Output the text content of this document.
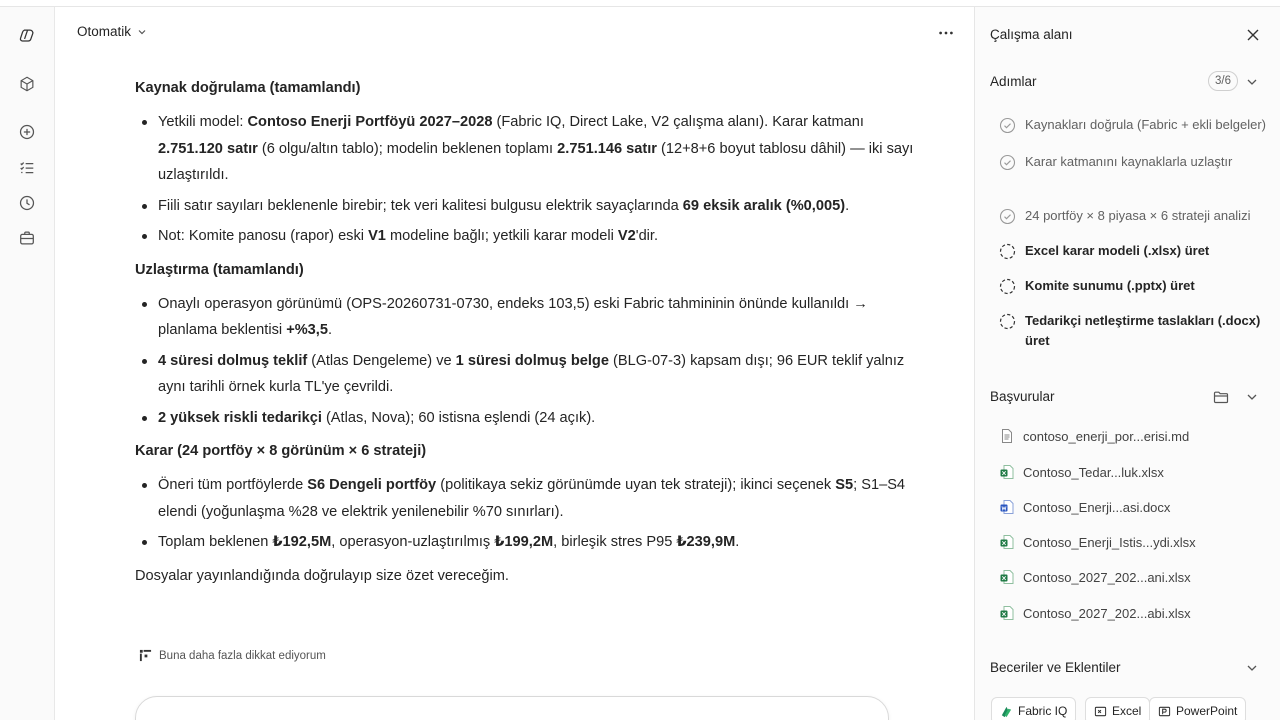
Otomatik
Kaynak doğrulama (tamamlandı)
Yetkili model: Contoso Enerji Portföyü 2027–2028 (Fabric IQ, Direct Lake, V2 çalışma alanı). Karar katmanı 2.751.120 satır (6 olgu/altın tablo); modelin beklenen toplamı 2.751.146 satır (12+8+6 boyut tablosu dâhil) — iki sayı uzlaştırıldı.
Fiili satır sayıları beklenenle birebir; tek veri kalitesi bulgusu elektrik sayaçlarında 69 eksik aralık (%0,005).
Not: Komite panosu (rapor) eski V1 modeline bağlı; yetkili karar modeli V2'dir.
Uzlaştırma (tamamlandı)
Onaylı operasyon görünümü (OPS-20260731-0730, endeks 103,5) eski Fabric tahmininin önünde kullanıldı → planlama beklentisi +%3,5.
4 süresi dolmuş teklif (Atlas Dengeleme) ve 1 süresi dolmuş belge (BLG-07-3) kapsam dışı; 96 EUR teklif yalnız aynı tarihli örnek kurla TL'ye çevrildi.
2 yüksek riskli tedarikçi (Atlas, Nova); 60 istisna eşlendi (24 açık).
Karar (24 portföy × 8 görünüm × 6 strateji)
Öneri tüm portföylerde S6 Dengeli portföy (politikaya sekiz görünümde uyan tek strateji); ikinci seçenek S5; S1–S4 elendi (yoğunlaşma %28 ve elektrik yenilenebilir %70 sınırları).
Toplam beklenen ₺192,5M, operasyon-uzlaştırılmış ₺199,2M, birleşik stres P95 ₺239,9M.
Dosyalar yayınlandığında doğrulayıp size özet vereceğim.
Buna daha fazla dikkat ediyorum
Çalışma alanı
Adımlar	3/6
Kaynakları doğrula (Fabric + ekli belgeler)
Karar katmanını kaynaklarla uzlaştır
24 portföy × 8 piyasa × 6 strateji analizi
Excel karar modeli (.xlsx) üret
Komite sunumu (.pptx) üret
Tedarikçi netleştirme taslakları (.docx) üret
Başvurular
contoso_enerji_por...erisi.md
Contoso_Tedar...luk.xlsx
Contoso_Enerji...asi.docx
Contoso_Enerji_Istis...ydi.xlsx
Contoso_2027_202...ani.xlsx
Contoso_2027_202...abi.xlsx
Beceriler ve Eklentiler
Fabric IQ	Excel	PowerPoint
